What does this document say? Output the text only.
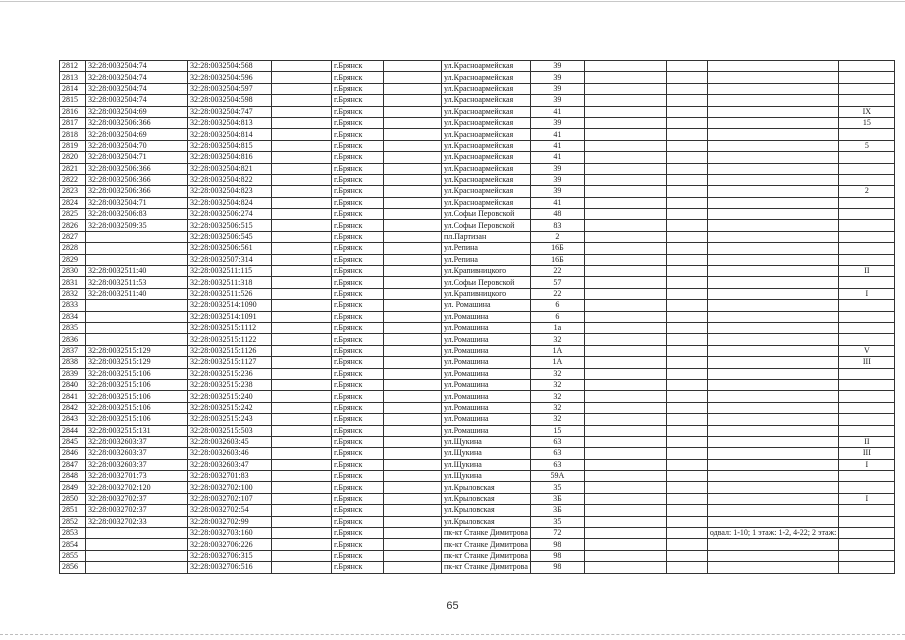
2812	32:28:0032504:74	32:28:0032504:568		г.Брянск		ул.Красноармейская	39				
2813	32:28:0032504:74	32:28:0032504:596		г.Брянск		ул.Красноармейская	39				
2814	32:28:0032504:74	32:28:0032504:597		г.Брянск		ул.Красноармейская	39				
2815	32:28:0032504:74	32:28:0032504:598		г.Брянск		ул.Красноармейская	39				
2816	32:28:0032504:69	32:28:0032504:747		г.Брянск		ул.Красноармейская	41				IX
2817	32:28:0032506:366	32:28:0032504:813		г.Брянск		ул.Красноармейская	39				15
2818	32:28:0032504:69	32:28:0032504:814		г.Брянск		ул.Красноармейская	41				
2819	32:28:0032504:70	32:28:0032504:815		г.Брянск		ул.Красноармейская	41				5
2820	32:28:0032504:71	32:28:0032504:816		г.Брянск		ул.Красноармейская	41				
2821	32:28:0032506:366	32:28:0032504:821		г.Брянск		ул.Красноармейская	39				
2822	32:28:0032506:366	32:28:0032504:822		г.Брянск		ул.Красноармейская	39				
2823	32:28:0032506:366	32:28:0032504:823		г.Брянск		ул.Красноармейская	39				2
2824	32:28:0032504:71	32:28:0032504:824		г.Брянск		ул.Красноармейская	41				
2825	32:28:0032506:83	32:28:0032506:274		г.Брянск		ул.Софьи Перовской	48				
2826	32:28:0032509:35	32:28:0032506:515		г.Брянск		ул.Софьи Перовской	83				
2827		32:28:0032506:545		г.Брянск		пл.Партизан	2				
2828		32:28:0032506:561		г.Брянск		ул.Репина	16Б				
2829		32:28:0032507:314		г.Брянск		ул.Репина	16Б				
2830	32:28:0032511:40	32:28:0032511:115		г.Брянск		ул.Крапивницкого	22				II
2831	32:28:0032511:53	32:28:0032511:318		г.Брянск		ул.Софьи Перовской	57				
2832	32:28:0032511:40	32:28:0032511:526		г.Брянск		ул.Крапивницкого	22				I
2833		32:28:0032514:1090		г.Брянск		ул. Ромашина	6				
2834		32:28:0032514:1091		г.Брянск		ул.Ромашина	6				
2835		32:28:0032515:1112		г.Брянск		ул.Ромашина	1а				
2836		32:28:0032515:1122		г.Брянск		ул.Ромашина	32				
2837	32:28:0032515:129	32:28:0032515:1126		г.Брянск		ул.Ромашина	1А				V
2838	32:28:0032515:129	32:28:0032515:1127		г.Брянск		ул.Ромашина	1А				III
2839	32:28:0032515:106	32:28:0032515:236		г.Брянск		ул.Ромашина	32				
2840	32:28:0032515:106	32:28:0032515:238		г.Брянск		ул.Ромашина	32				
2841	32:28:0032515:106	32:28:0032515:240		г.Брянск		ул.Ромашина	32				
2842	32:28:0032515:106	32:28:0032515:242		г.Брянск		ул.Ромашина	32				
2843	32:28:0032515:106	32:28:0032515:243		г.Брянск		ул.Ромашина	32				
2844	32:28:0032515:131	32:28:0032515:503		г.Брянск		ул.Ромашина	15				
2845	32:28:0032603:37	32:28:0032603:45		г.Брянск		ул.Щукина	63				II
2846	32:28:0032603:37	32:28:0032603:46		г.Брянск		ул.Щукина	63				III
2847	32:28:0032603:37	32:28:0032603:47		г.Брянск		ул.Щукина	63				I
2848	32:28:0032701:73	32:28:0032701:83		г.Брянск		ул.Щукина	59А				
2849	32:28:0032702:120	32:28:0032702:100		г.Брянск		ул.Крыловская	35				
2850	32:28:0032702:37	32:28:0032702:107		г.Брянск		ул.Крыловская	3Б				I
2851	32:28:0032702:37	32:28:0032702:54		г.Брянск		ул.Крыловская	3Б				
2852	32:28:0032702:33	32:28:0032702:99		г.Брянск		ул.Крыловская	35				
2853		32:28:0032703:160		г.Брянск		пк-кт Станке Димитрова	72			одвал: 1-10; 1 этаж: 1-2, 4-22; 2 этаж:	
2854		32:28:0032706:226		г.Брянск		пк-кт Станке Димитрова	98				
2855		32:28:0032706:315		г.Брянск		пк-кт Станке Димитрова	98				
2856		32:28:0032706:516		г.Брянск		пк-кт Станке Димитрова	98				
65
